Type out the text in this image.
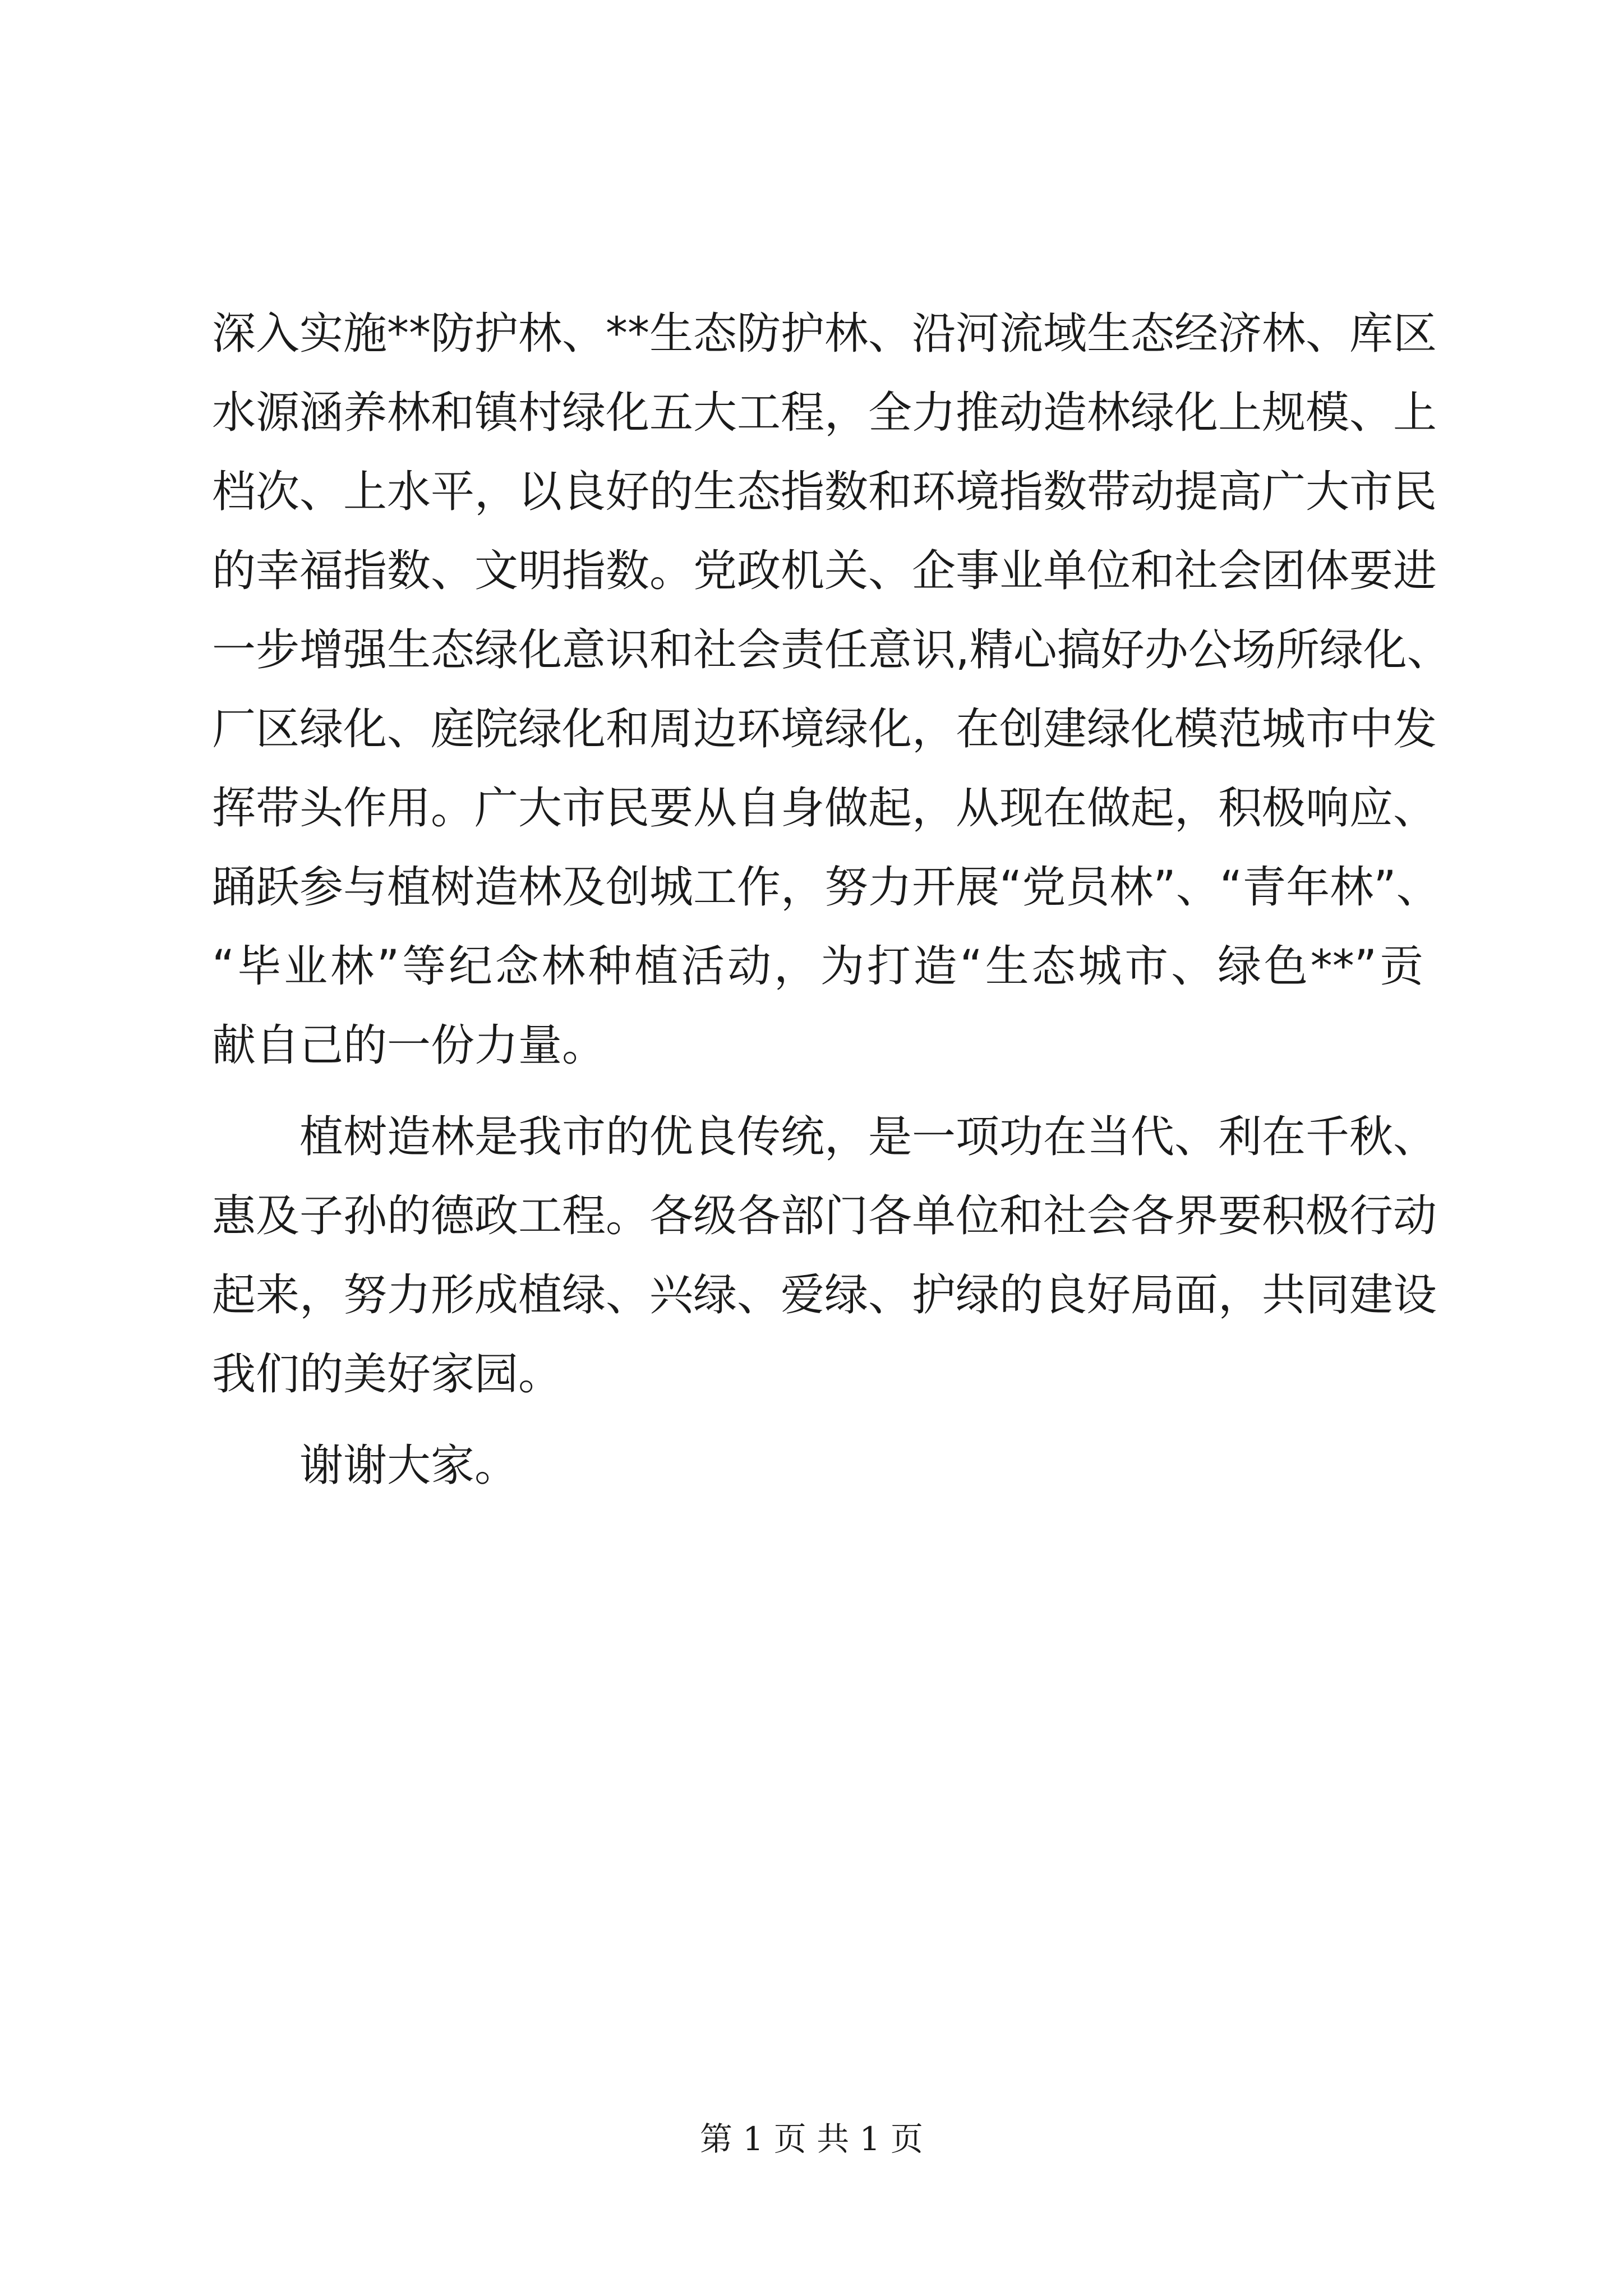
深入实施**防护林、**生态防护林、沿河流域生态经济林、库区
水源涵养林和镇村绿化五大工程，全力推动造林绿化上规模、上
档次、上水平，以良好的生态指数和环境指数带动提高广大市民
的幸福指数、文明指数。党政机关、企事业单位和社会团体要进
一步增强生态绿化意识和社会责任意识,精心搞好办公场所绿化、
厂区绿化、庭院绿化和周边环境绿化，在创建绿化模范城市中发
挥带头作用。广大市民要从自身做起，从现在做起，积极响应、
踊跃参与植树造林及创城工作，努力开展“党员林”、“青年林”、
“毕业林”等纪念林种植活动，为打造“生态城市、绿色**”贡
献自己的一份力量。
植树造林是我市的优良传统，是一项功在当代、利在千秋、
惠及子孙的德政工程。各级各部门各单位和社会各界要积极行动
起来，努力形成植绿、兴绿、爱绿、护绿的良好局面，共同建设
我们的美好家园。
谢谢大家。
第 1 页 共 1 页
